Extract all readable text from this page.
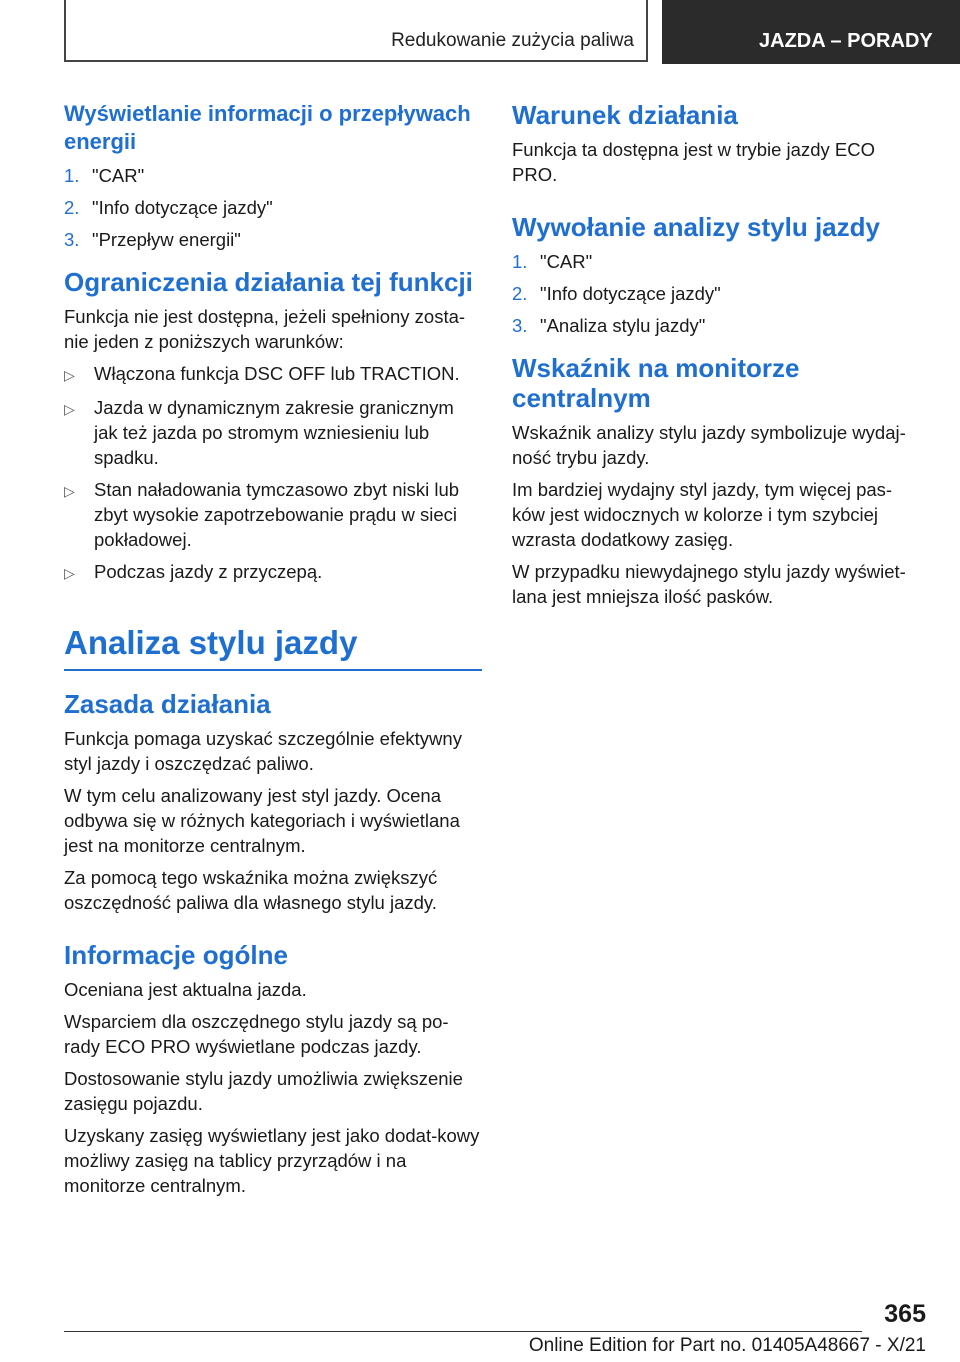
Redukowanie zużycia paliwa	JAZDA – PORADY
Wyświetlanie informacji o przepływach energii
1. "CAR"
2. "Info dotyczące jazdy"
3. "Przepływ energii"
Ograniczenia działania tej funkcji

Funkcja nie jest dostępna, jeżeli spełniony zosta-nie jeden z poniższych warunków:

▷	Włączona funkcja DSC OFF lub TRACTION.
▷	Jazda w dynamicznym zakresie granicznym jak też jazda po stromym wzniesieniu lub spadku.
▷	Stan naładowania tymczasowo zbyt niski lub zbyt wysokie zapotrzebowanie prądu w sieci pokładowej.
▷	Podczas jazdy z przyczepą.
Analiza stylu jazdy
Zasada działania

Funkcja pomaga uzyskać szczególnie efektywny styl jazdy i oszczędzać paliwo.

W tym celu analizowany jest styl jazdy. Ocena odbywa się w różnych kategoriach i wyświetlana jest na monitorze centralnym.

Za pomocą tego wskaźnika można zwiększyć oszczędność paliwa dla własnego stylu jazdy.

Informacje ogólne

Oceniana jest aktualna jazda.

Wsparciem dla oszczędnego stylu jazdy są po-rady ECO PRO wyświetlane podczas jazdy.

Dostosowanie stylu jazdy umożliwia zwiększenie zasięgu pojazdu.

Uzyskany zasięg wyświetlany jest jako dodat-kowy możliwy zasięg na tablicy przyrządów i na monitorze centralnym.

Warunek działania

Funkcja ta dostępna jest w trybie jazdy ECO PRO.

Wywołanie analizy stylu jazdy
1. "CAR"
2. "Info dotyczące jazdy"
3. "Analiza stylu jazdy"
Wskaźnik na monitorze centralnym

Wskaźnik analizy stylu jazdy symbolizuje wydaj-ność trybu jazdy.

Im bardziej wydajny styl jazdy, tym więcej pas-ków jest widocznych w kolorze i tym szybciej wzrasta dodatkowy zasięg.

W przypadku niewydajnego stylu jazdy wyświet-lana jest mniejsza ilość pasków.

365
Online Edition for Part no. 01405A48667 - X/21
